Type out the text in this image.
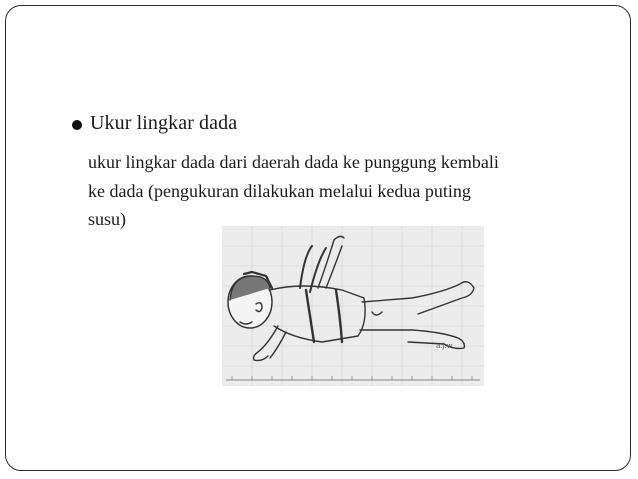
Ukur lingkar dada

ukur lingkar dada dari daerah dada ke punggung kembali
ke dada (pengukuran dilakukan melalui kedua puting
susu)

a.j.w.
